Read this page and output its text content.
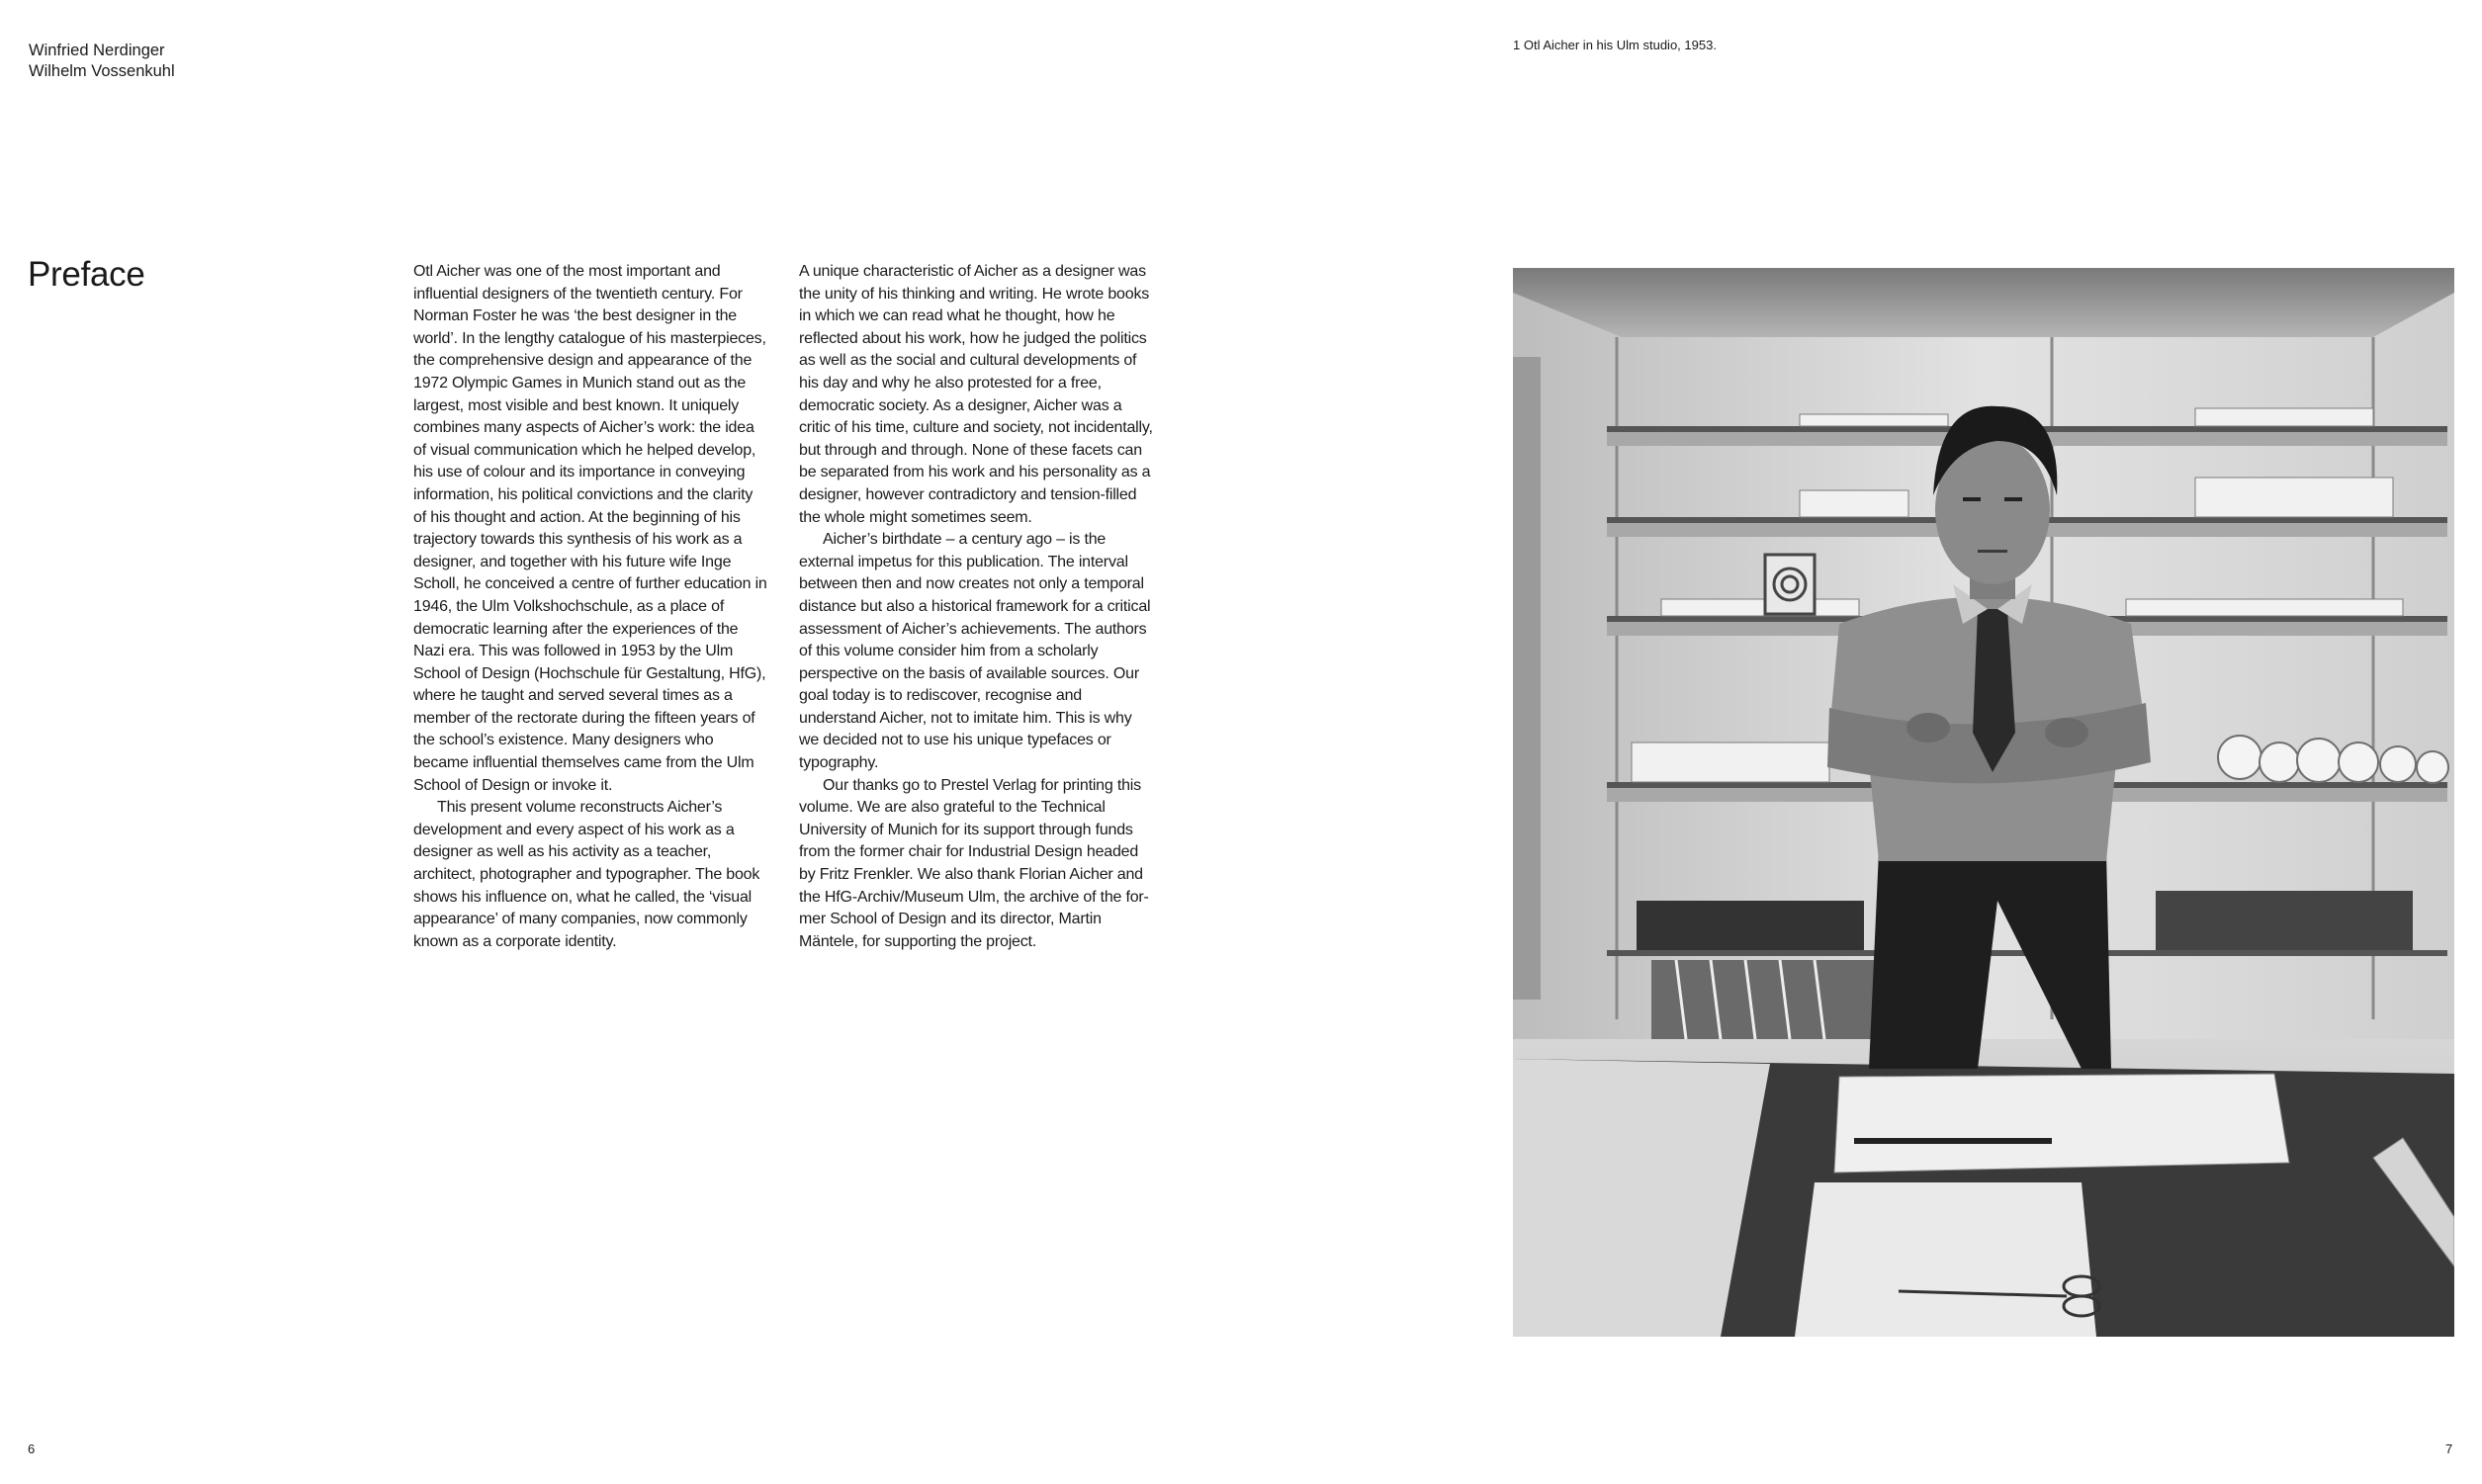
Winfried Nerdinger
Wilhelm Vossenkuhl
1 Otl Aicher in his Ulm studio, 1953.
Preface	Otl Aicher was one of the most important and influential designers of the twentieth century. For Norman Foster he was ‘the best designer in the world’. In the lengthy catalogue of his masterpieces, the comprehensive design and appearance of the 1972 Olympic Games in Munich stand out as the largest, most visible and best known. It uniquely combines many aspects of Aicher’s work: the idea of visual communication which he helped develop, his use of colour and its importance in conveying information, his political convictions and the clarity of his thought and action. At the beginning of his trajectory towards this synthesis of his work as a designer, and together with his future wife Inge Scholl, he conceived a centre of further education in 1946, the Ulm Volkshochschule, as a place of democratic learning after the experiences of the Nazi era. This was followed in 1953 by the Ulm School of Design (Hochschule für Gestaltung, HfG), where he taught and served several times as a member of the rectorate during the fifteen years of the school’s existence. Many designers who became influential themselves came from the Ulm School of Design or invoke it.

This present volume reconstructs Aicher’s development and every aspect of his work as a designer as well as his activity as a teacher, architect, photographer and typographer. The book shows his influence on, what he called, the ‘visual appearance’ of many companies, now commonly known as a corporate identity.

A unique characteristic of Aicher as a designer was the unity of his thinking and writing. He wrote books in which we can read what he thought, how he reflected about his work, how he judged the politics as well as the social and cultural developments of his day and why he also protested for a free, democratic society. As a designer, Aicher was a critic of his time, culture and society, not incidentally, but through and through. None of these facets can be separated from his work and his personality as a designer, however contradictory and tension-filled the whole might sometimes seem.

Aicher’s birthdate – a century ago – is the external impetus for this publication. The interval between then and now creates not only a temporal distance but also a historical framework for a critical assessment of Aicher’s achievements. The authors of this volume consider him from a scholarly perspective on the basis of available sources. Our goal today is to rediscover, recognise and understand Aicher, not to imitate him. This is why we decided not to use his unique typefaces or typography.

Our thanks go to Prestel Verlag for printing this volume. We are also grateful to the Technical University of Munich for its support through funds from the former chair for Industrial Design headed by Fritz Frenkler. We also thank Florian Aicher and the HfG-Archiv/Museum Ulm, the archive of the former School of Design and its director, Martin Mäntele, for supporting the project.

6	7
